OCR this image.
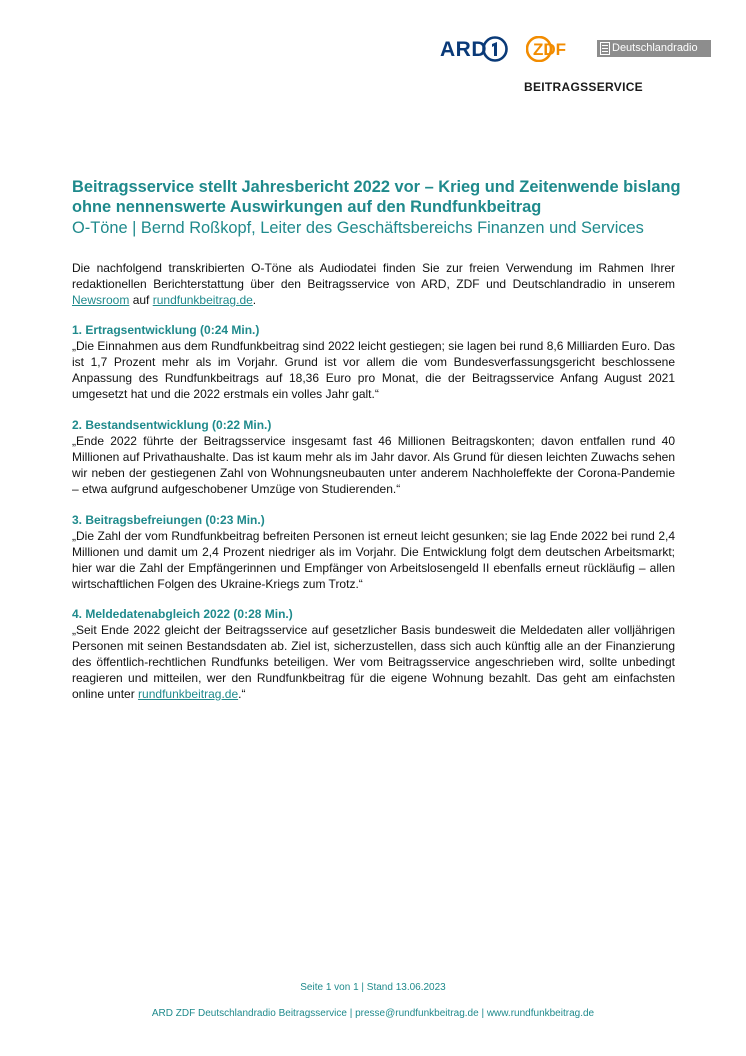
ARD	ZDF	Deutschlandradio
BEITRAGSSERVICE
Beitragsservice stellt Jahresbericht 2022 vor – Krieg und Zeitenwende bislang ohne nennenswerte Auswirkungen auf den Rundfunkbeitrag
O-Töne | Bernd Roßkopf, Leiter des Geschäftsbereichs Finanzen und Services

Die nachfolgend transkribierten O-Töne als Audiodatei finden Sie zur freien Verwendung im Rahmen Ihrer redaktionellen Berichterstattung über den Beitragsservice von ARD, ZDF und Deutschlandradio in unserem Newsroom auf rundfunkbeitrag.de.

1. Ertragsentwicklung (0:24 Min.)

„Die Einnahmen aus dem Rundfunkbeitrag sind 2022 leicht gestiegen; sie lagen bei rund 8,6 Milliarden Euro. Das ist 1,7 Prozent mehr als im Vorjahr. Grund ist vor allem die vom Bundesverfassungsgericht beschlossene Anpassung des Rundfunkbeitrags auf 18,36 Euro pro Monat, die der Beitragsservice Anfang August 2021 umgesetzt hat und die 2022 erstmals ein volles Jahr galt.“

2. Bestandsentwicklung (0:22 Min.)

„Ende 2022 führte der Beitragsservice insgesamt fast 46 Millionen Beitragskonten; davon entfallen rund 40 Millionen auf Privathaushalte. Das ist kaum mehr als im Jahr davor. Als Grund für diesen leichten Zuwachs sehen wir neben der gestiegenen Zahl von Wohnungsneubauten unter anderem Nachholeffekte der Corona-Pandemie – etwa aufgrund aufgeschobener Umzüge von Studierenden.“

3. Beitragsbefreiungen (0:23 Min.)

„Die Zahl der vom Rundfunkbeitrag befreiten Personen ist erneut leicht gesunken; sie lag Ende 2022 bei rund 2,4 Millionen und damit um 2,4 Prozent niedriger als im Vorjahr. Die Entwicklung folgt dem deutschen Arbeitsmarkt; hier war die Zahl der Empfängerinnen und Empfänger von Arbeitslosengeld II ebenfalls erneut rückläufig – allen wirtschaftlichen Folgen des Ukraine-Kriegs zum Trotz.“

4. Meldedatenabgleich 2022 (0:28 Min.)

„Seit Ende 2022 gleicht der Beitragsservice auf gesetzlicher Basis bundesweit die Meldedaten aller volljährigen Personen mit seinen Bestandsdaten ab. Ziel ist, sicherzustellen, dass sich auch künftig alle an der Finanzierung des öffentlich-rechtlichen Rundfunks beteiligen. Wer vom Beitragsservice angeschrieben wird, sollte unbedingt reagieren und mitteilen, wer den Rundfunkbeitrag für die eigene Wohnung bezahlt. Das geht am einfachsten online unter rundfunkbeitrag.de.“

Seite 1 von 1 | Stand 13.06.2023
ARD ZDF Deutschlandradio Beitragsservice | presse@rundfunkbeitrag.de | www.rundfunkbeitrag.de
